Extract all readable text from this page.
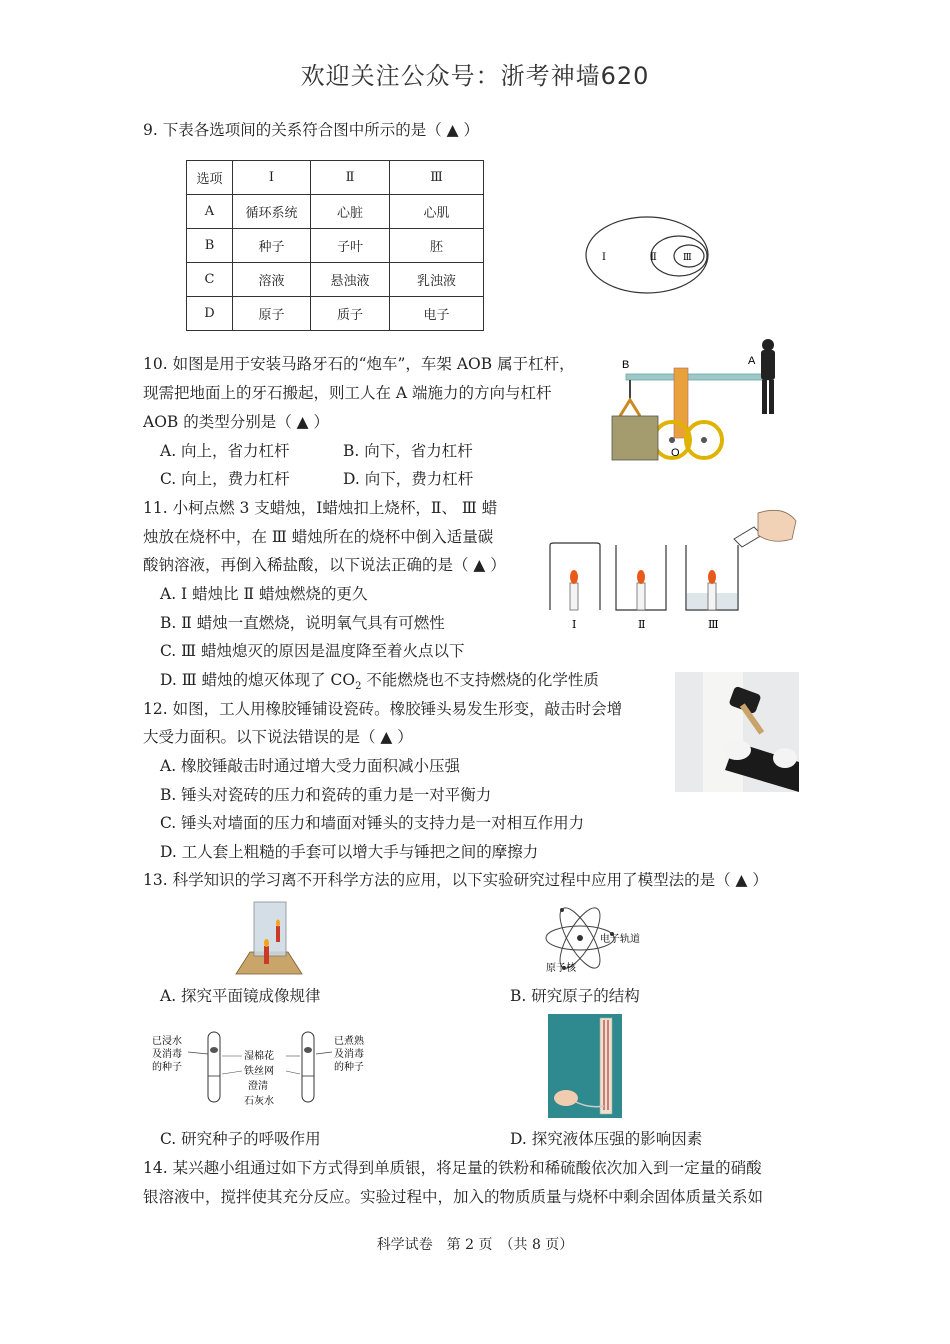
欢迎关注公众号：浙考神墙620
9. 下表各选项间的关系符合图中所示的是（ ▲ ）
选项	Ⅰ	Ⅱ	Ⅲ
A	循环系统	心脏	心肌
B	种子	子叶	胚
C	溶液	悬浊液	乳浊液
D	原子	质子	电子
Ⅰ	Ⅱ	Ⅲ
10. 如图是用于安装马路牙石的“炮车”，车架 AOB 属于杠杆，
现需把地面上的牙石搬起，则工人在 A 端施力的方向与杠杆
AOB 的类型分别是（ ▲ ）
A. 向上，省力杠杆	B. 向下，省力杠杆
C. 向上，费力杠杆	D. 向下，费力杠杆
B	A
O
11. 小柯点燃 3 支蜡烛，Ⅰ蜡烛扣上烧杯，Ⅱ、 Ⅲ 蜡
烛放在烧杯中，在 Ⅲ 蜡烛所在的烧杯中倒入适量碳
酸钠溶液，再倒入稀盐酸，以下说法正确的是（ ▲ ）
A. Ⅰ 蜡烛比 Ⅱ 蜡烛燃烧的更久
B. Ⅱ 蜡烛一直燃烧，说明氧气具有可燃性
C. Ⅲ 蜡烛熄灭的原因是温度降至着火点以下
D. Ⅲ 蜡烛的熄灭体现了 $CO_2$ 不能燃烧也不支持燃烧的化学性质
Ⅰ	Ⅱ	Ⅲ
12. 如图，工人用橡胶锤铺设瓷砖。橡胶锤头易发生形变，敲击时会增
大受力面积。以下说法错误的是（ ▲ ）
A. 橡胶锤敲击时通过增大受力面积减小压强
B. 锤头对瓷砖的压力和瓷砖的重力是一对平衡力
C. 锤头对墙面的压力和墙面对锤头的支持力是一对相互作用力
D. 工人套上粗糙的手套可以增大手与锤把之间的摩擦力
13. 科学知识的学习离不开科学方法的应用，以下实验研究过程中应用了模型法的是（ ▲ ）
A. 探究平面镜成像规律
电子轨道
原子核
B. 研究原子的结构
已浸水
及消毒
的种子
湿棉花
铁丝网
澄清
石灰水
已煮熟
及消毒
的种子
C. 研究种子的呼吸作用	D. 探究液体压强的影响因素
14. 某兴趣小组通过如下方式得到单质银，将足量的铁粉和稀硫酸依次加入到一定量的硝酸
银溶液中，搅拌使其充分反应。实验过程中，加入的物质质量与烧杯中剩余固体质量关系如
科学试卷　第 2 页　（共 8 页）
